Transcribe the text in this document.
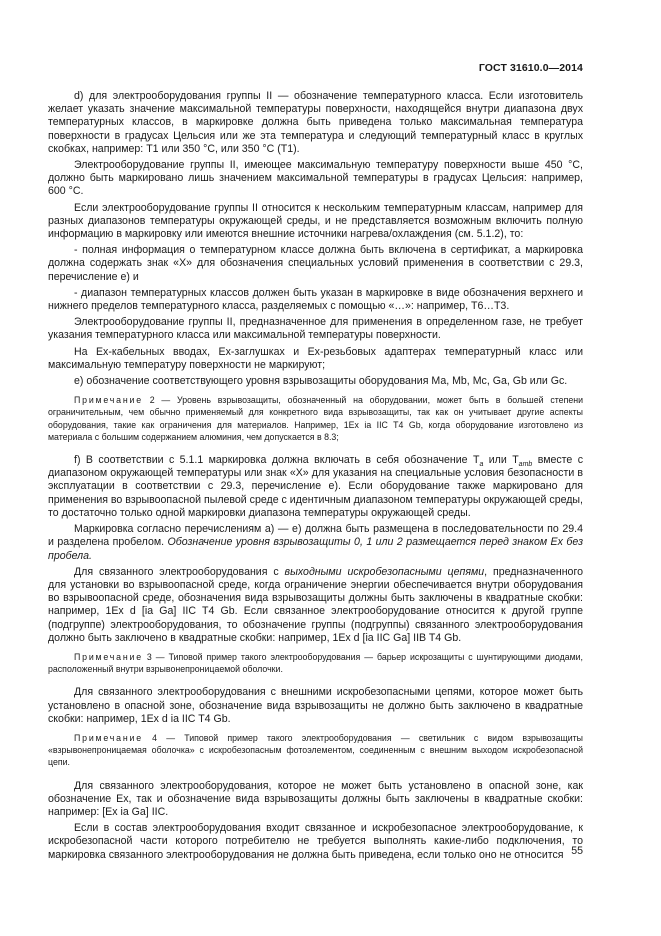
ГОСТ 31610.0—2014

d) для электрооборудования группы II — обозначение температурного класса. Если изготовитель желает указать значение максимальной температуры поверхности, находящейся внутри диапазона двух температурных классов, в маркировке должна быть приведена только максимальная температура поверхности в градусах Цельсия или же эта температура и следующий температурный класс в круглых скобках, например: Т1 или 350 °С, или 350 °С (Т1).

Электрооборудование группы II, имеющее максимальную температуру поверхности выше 450 °С, должно быть маркировано лишь значением максимальной температуры в градусах Цельсия: например, 600 °С.

Если электрооборудование группы II относится к нескольким температурным классам, например для разных диапазонов температуры окружающей среды, и не представляется возможным включить полную информацию в маркировку или имеются внешние источники нагрева/охлаждения (см. 5.1.2), то:

- полная информация о температурном классе должна быть включена в сертификат, а маркировка должна содержать знак «X» для обозначения специальных условий применения в соответствии с 29.3, перечисление е) и

- диапазон температурных классов должен быть указан в маркировке в виде обозначения верхнего и нижнего пределов температурного класса, разделяемых с помощью «…»: например, Т6…Т3.

Электрооборудование группы II, предназначенное для применения в определенном газе, не требует указания температурного класса или максимальной температуры поверхности.

На Ex-кабельных вводах, Ex-заглушках и Ex-резьбовых адаптерах температурный класс или максимальную температуру поверхности не маркируют;

е) обозначение соответствующего уровня взрывозащиты оборудования Ма, Mb, Mc, Ga, Gb или Gc.

Примечание 2 — Уровень взрывозащиты, обозначенный на оборудовании, может быть в большей степени ограничительным, чем обычно применяемый для конкретного вида взрывозащиты, так как он учитывает другие аспекты оборудования, такие как ограничения для материалов. Например, 1Ex ia IIC T4 Gb, когда оборудование изготовлено из материала с большим содержанием алюминия, чем допускается в 8.3;

f) В соответствии с 5.1.1 маркировка должна включать в себя обозначение $T_a$ или $T_{amb}$ вместе с диапазоном окружающей температуры или знак «X» для указания на специальные условия безопасности в эксплуатации в соответствии с 29.3, перечисление е). Если оборудование также маркировано для применения во взрывоопасной пылевой среде с идентичным диапазоном температуры окружающей среды, то достаточно только одной маркировки диапазона температуры окружающей среды.

Маркировка согласно перечислениям а) — е) должна быть размещена в последовательности по 29.4 и разделена пробелом. Обозначение уровня взрывозащиты 0, 1 или 2 размещается перед знаком Ex без пробела.

Для связанного электрооборудования с выходными искробезопасными цепями, предназначенного для установки во взрывоопасной среде, когда ограничение энергии обеспечивается внутри оборудования во взрывоопасной среде, обозначения вида взрывозащиты должны быть заключены в квадратные скобки: например, 1Ex d [ia Ga] IIC T4 Gb. Если связанное электрооборудование относится к другой группе (подгруппе) электрооборудования, то обозначение группы (подгруппы) связанного электрооборудования должно быть заключено в квадратные скобки: например, 1Ex d [ia IIC Ga] IIB T4 Gb.

Примечание 3 — Типовой пример такого электрооборудования — барьер искрозащиты с шунтирующими диодами, расположенный внутри взрывонепроницаемой оболочки.

Для связанного электрооборудования с внешними искробезопасными цепями, которое может быть установлено в опасной зоне, обозначение вида взрывозащиты не должно быть заключено в квадратные скобки: например, 1Ex d ia IIC T4 Gb.

Примечание 4 — Типовой пример такого электрооборудования — светильник с видом взрывозащиты «взрывонепроницаемая оболочка» с искробезопасным фотоэлементом, соединенным с внешним выходом искробезопасной цепи.

Для связанного электрооборудования, которое не может быть установлено в опасной зоне, как обозначение Ex, так и обозначение вида взрывозащиты должны быть заключены в квадратные скобки: например: [Ex ia Ga] IIC.

Если в состав электрооборудования входит связанное и искробезопасное электрооборудование, к искробезопасной части которого потребителю не требуется выполнять какие-либо подключения, то маркировка связанного электрооборудования не должна быть приведена, если только оно не относится 55
